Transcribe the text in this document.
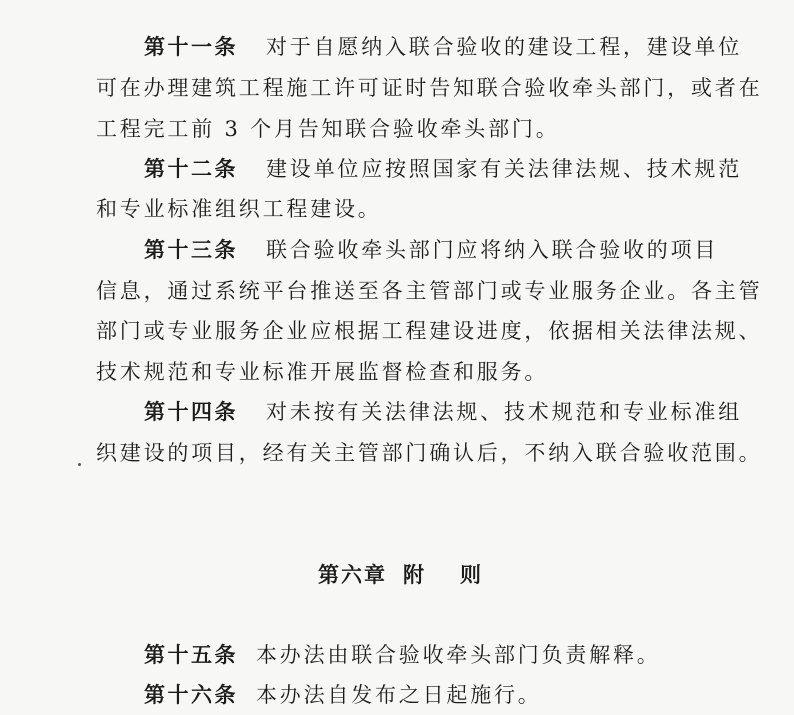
第十一条 对于自愿纳入联合验收的建设工程，建设单位
可在办理建筑工程施工许可证时告知联合验收牵头部门，或者在
工程完工前 3 个月告知联合验收牵头部门。
第十二条 建设单位应按照国家有关法律法规、技术规范
和专业标准组织工程建设。
第十三条 联合验收牵头部门应将纳入联合验收的项目
信息，通过系统平台推送至各主管部门或专业服务企业。各主管
部门或专业服务企业应根据工程建设进度，依据相关法律法规、
技术规范和专业标准开展监督检查和服务。
第十四条 对未按有关法律法规、技术规范和专业标准组
织建设的项目，经有关主管部门确认后，不纳入联合验收范围。
第六章 附 则
第十五条 本办法由联合验收牵头部门负责解释。
第十六条 本办法自发布之日起施行。
